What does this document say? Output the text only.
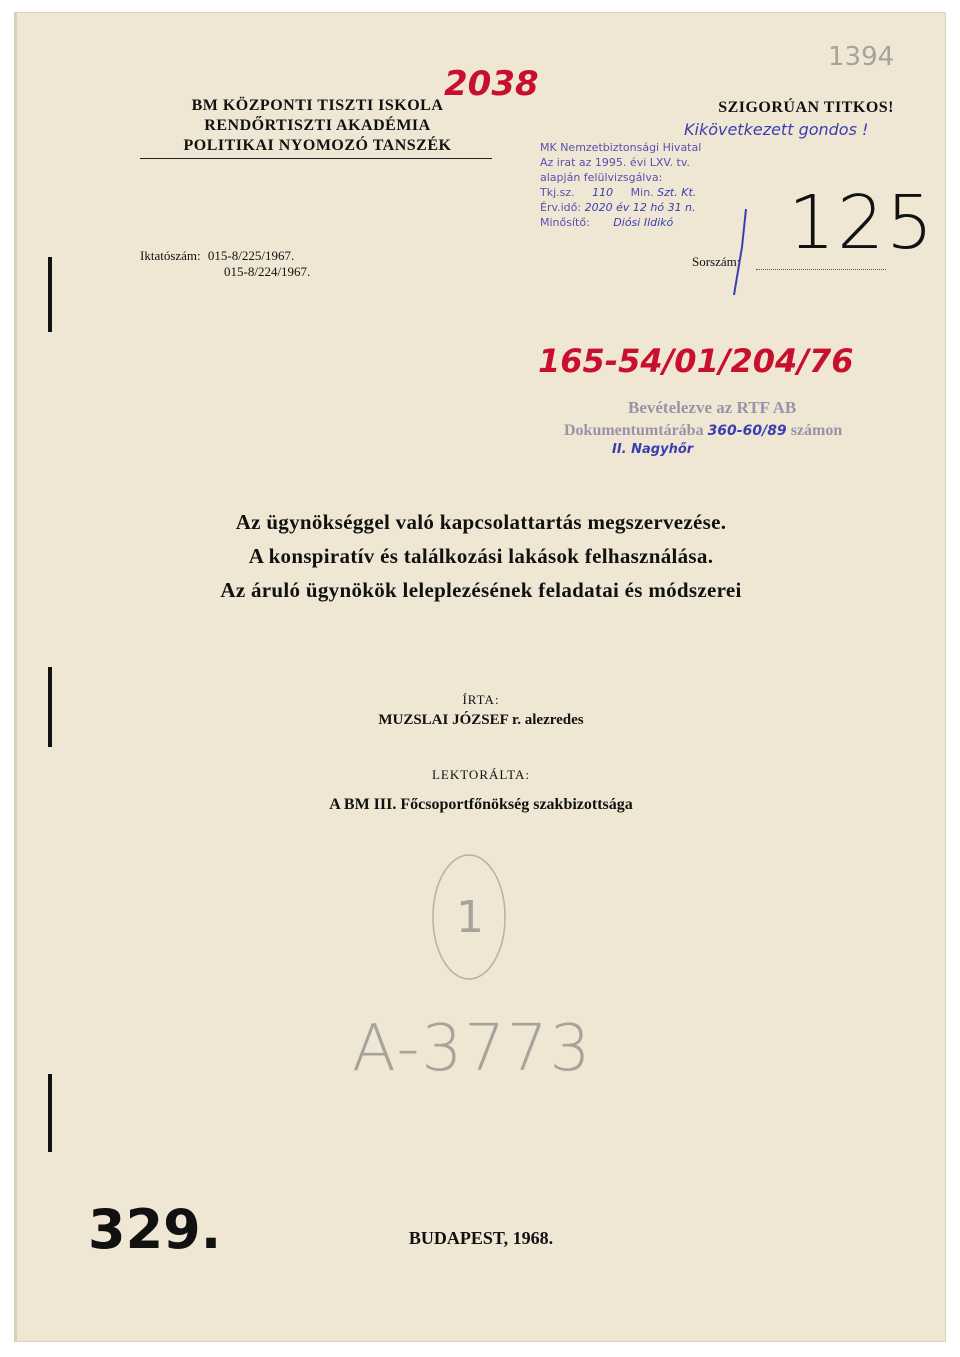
2038
1394
BM KÖZPONTI TISZTI ISKOLA
RENDŐRTISZTI AKADÉMIA
POLITIKAI NYOMOZÓ TANSZÉK
SZIGORÚAN TITKOS!
Kikövetkezett gondos !
MK Nemzetbiztonsági Hivatal
Az irat az 1995. évi LXV. tv.
alapján felülvizsgálva:
Tkj.sz. 110 Min. Szt. Kt.
Érv.idő: 2020 év 12 hó 31 n.
Minősítő: Diósi Ildikó
Iktatószám: 015-8/225/1967.
015-8/224/1967.
Sorszám: 125
165-54/01/204/76
Bevételezve az RTF AB
Dokumentumtárába 360-60/89 számon
II. Nagyhőr
Az ügynökséggel való kapcsolattartás megszervezése.
A konspiratív és találkozási lakások felhasználása.
Az áruló ügynökök leleplezésének feladatai és módszerei
ÍRTA:
MUZSLAI JÓZSEF r. alezredes
LEKTORÁLTA:
A BM III. Főcsoportfőnökség szakbizottsága
1
A-3773
329.	BUDAPEST, 1968.
